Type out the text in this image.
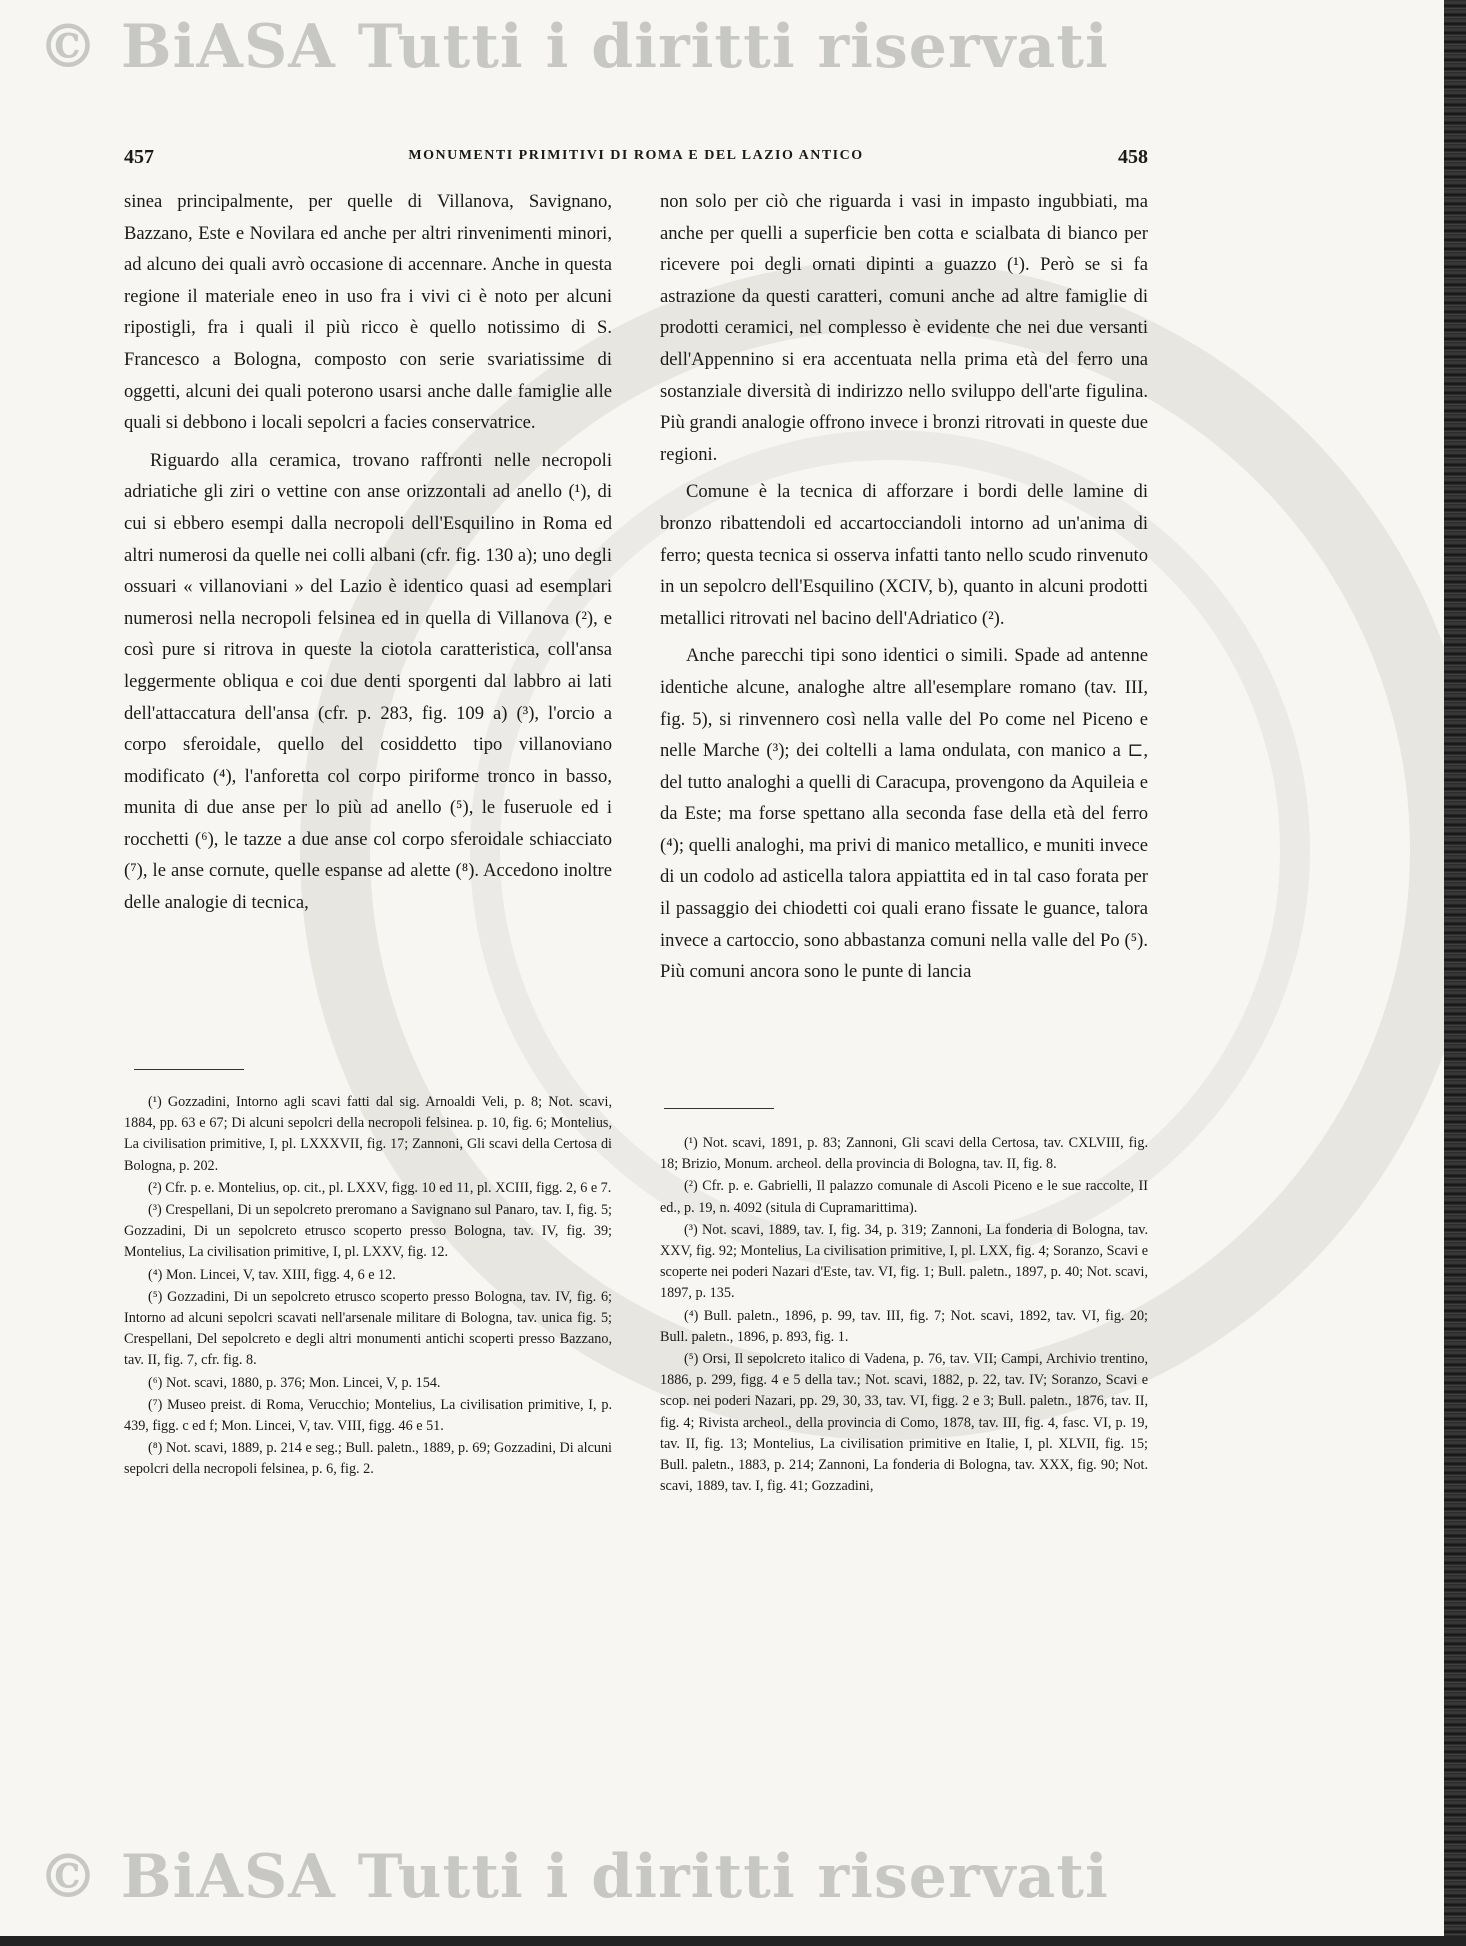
© BiASA Tutti i diritti riservati
457	MONUMENTI PRIMITIVI DI ROMA E DEL LAZIO ANTICO	458

sinea principalmente, per quelle di Villanova, Savignano, Bazzano, Este e Novilara ed anche per altri rinvenimenti minori, ad alcuno dei quali avrò occasione di accennare. Anche in questa regione il materiale eneo in uso fra i vivi ci è noto per alcuni ripostigli, fra i quali il più ricco è quello notissimo di S. Francesco a Bologna, composto con serie svariatissime di oggetti, alcuni dei quali poterono usarsi anche dalle famiglie alle quali si debbono i locali sepolcri a facies conservatrice.

Riguardo alla ceramica, trovano raffronti nelle necropoli adriatiche gli ziri o vettine con anse orizzontali ad anello (¹), di cui si ebbero esempi dalla necropoli dell'Esquilino in Roma ed altri numerosi da quelle nei colli albani (cfr. fig. 130 a); uno degli ossuari « villanoviani » del Lazio è identico quasi ad esemplari numerosi nella necropoli felsinea ed in quella di Villanova (²), e così pure si ritrova in queste la ciotola caratteristica, coll'ansa leggermente obliqua e coi due denti sporgenti dal labbro ai lati dell'attaccatura dell'ansa (cfr. p. 283, fig. 109 a) (³), l'orcio a corpo sferoidale, quello del cosiddetto tipo villanoviano modificato (⁴), l'anforetta col corpo piriforme tronco in basso, munita di due anse per lo più ad anello (⁵), le fuseruole ed i rocchetti (⁶), le tazze a due anse col corpo sferoidale schiacciato (⁷), le anse cornute, quelle espanse ad alette (⁸). Accedono inoltre delle analogie di tecnica,

non solo per ciò che riguarda i vasi in impasto ingubbiati, ma anche per quelli a superficie ben cotta e scialbata di bianco per ricevere poi degli ornati dipinti a guazzo (¹). Però se si fa astrazione da questi caratteri, comuni anche ad altre famiglie di prodotti ceramici, nel complesso è evidente che nei due versanti dell'Appennino si era accentuata nella prima età del ferro una sostanziale diversità di indirizzo nello sviluppo dell'arte figulina. Più grandi analogie offrono invece i bronzi ritrovati in queste due regioni.

Comune è la tecnica di afforzare i bordi delle lamine di bronzo ribattendoli ed accartocciandoli intorno ad un'anima di ferro; questa tecnica si osserva infatti tanto nello scudo rinvenuto in un sepolcro dell'Esquilino (XCIV, b), quanto in alcuni prodotti metallici ritrovati nel bacino dell'Adriatico (²).

Anche parecchi tipi sono identici o simili. Spade ad antenne identiche alcune, analoghe altre all'esemplare romano (tav. III, fig. 5), si rinvennero così nella valle del Po come nel Piceno e nelle Marche (³); dei coltelli a lama ondulata, con manico a ⊏, del tutto analoghi a quelli di Caracupa, provengono da Aquileia e da Este; ma forse spettano alla seconda fase della età del ferro (⁴); quelli analoghi, ma privi di manico metallico, e muniti invece di un codolo ad asticella talora appiattita ed in tal caso forata per il passaggio dei chiodetti coi quali erano fissate le guance, talora invece a cartoccio, sono abbastanza comuni nella valle del Po (⁵). Più comuni ancora sono le punte di lancia

(¹) Gozzadini, Intorno agli scavi fatti dal sig. Arnoaldi Veli, p. 8; Not. scavi, 1884, pp. 63 e 67; Di alcuni sepolcri della necropoli felsinea. p. 10, fig. 6; Montelius, La civilisation primitive, I, pl. LXXXVII, fig. 17; Zannoni, Gli scavi della Certosa di Bologna, p. 202.

(²) Cfr. p. e. Montelius, op. cit., pl. LXXV, figg. 10 ed 11, pl. XCIII, figg. 2, 6 e 7.

(³) Crespellani, Di un sepolcreto preromano a Savignano sul Panaro, tav. I, fig. 5; Gozzadini, Di un sepolcreto etrusco scoperto presso Bologna, tav. IV, fig. 39; Montelius, La civilisation primitive, I, pl. LXXV, fig. 12.

(⁴) Mon. Lincei, V, tav. XIII, figg. 4, 6 e 12.

(⁵) Gozzadini, Di un sepolcreto etrusco scoperto presso Bologna, tav. IV, fig. 6; Intorno ad alcuni sepolcri scavati nell'arsenale militare di Bologna, tav. unica fig. 5; Crespellani, Del sepolcreto e degli altri monumenti antichi scoperti presso Bazzano, tav. II, fig. 7, cfr. fig. 8.

(⁶) Not. scavi, 1880, p. 376; Mon. Lincei, V, p. 154.

(⁷) Museo preist. di Roma, Verucchio; Montelius, La civilisation primitive, I, p. 439, figg. c ed f; Mon. Lincei, V, tav. VIII, figg. 46 e 51.

(⁸) Not. scavi, 1889, p. 214 e seg.; Bull. paletn., 1889, p. 69; Gozzadini, Di alcuni sepolcri della necropoli felsinea, p. 6, fig. 2.

(¹) Not. scavi, 1891, p. 83; Zannoni, Gli scavi della Certosa, tav. CXLVIII, fig. 18; Brizio, Monum. archeol. della provincia di Bologna, tav. II, fig. 8.

(²) Cfr. p. e. Gabrielli, Il palazzo comunale di Ascoli Piceno e le sue raccolte, II ed., p. 19, n. 4092 (situla di Cupramarittima).

(³) Not. scavi, 1889, tav. I, fig. 34, p. 319; Zannoni, La fonderia di Bologna, tav. XXV, fig. 92; Montelius, La civilisation primitive, I, pl. LXX, fig. 4; Soranzo, Scavi e scoperte nei poderi Nazari d'Este, tav. VI, fig. 1; Bull. paletn., 1897, p. 40; Not. scavi, 1897, p. 135.

(⁴) Bull. paletn., 1896, p. 99, tav. III, fig. 7; Not. scavi, 1892, tav. VI, fig. 20; Bull. paletn., 1896, p. 893, fig. 1.

(⁵) Orsi, Il sepolcreto italico di Vadena, p. 76, tav. VII; Campi, Archivio trentino, 1886, p. 299, figg. 4 e 5 della tav.; Not. scavi, 1882, p. 22, tav. IV; Soranzo, Scavi e scop. nei poderi Nazari, pp. 29, 30, 33, tav. VI, figg. 2 e 3; Bull. paletn., 1876, tav. II, fig. 4; Rivista archeol., della provincia di Como, 1878, tav. III, fig. 4, fasc. VI, p. 19, tav. II, fig. 13; Montelius, La civilisation primitive en Italie, I, pl. XLVII, fig. 15; Bull. paletn., 1883, p. 214; Zannoni, La fonderia di Bologna, tav. XXX, fig. 90; Not. scavi, 1889, tav. I, fig. 41; Gozzadini,

© BiASA Tutti i diritti riservati
